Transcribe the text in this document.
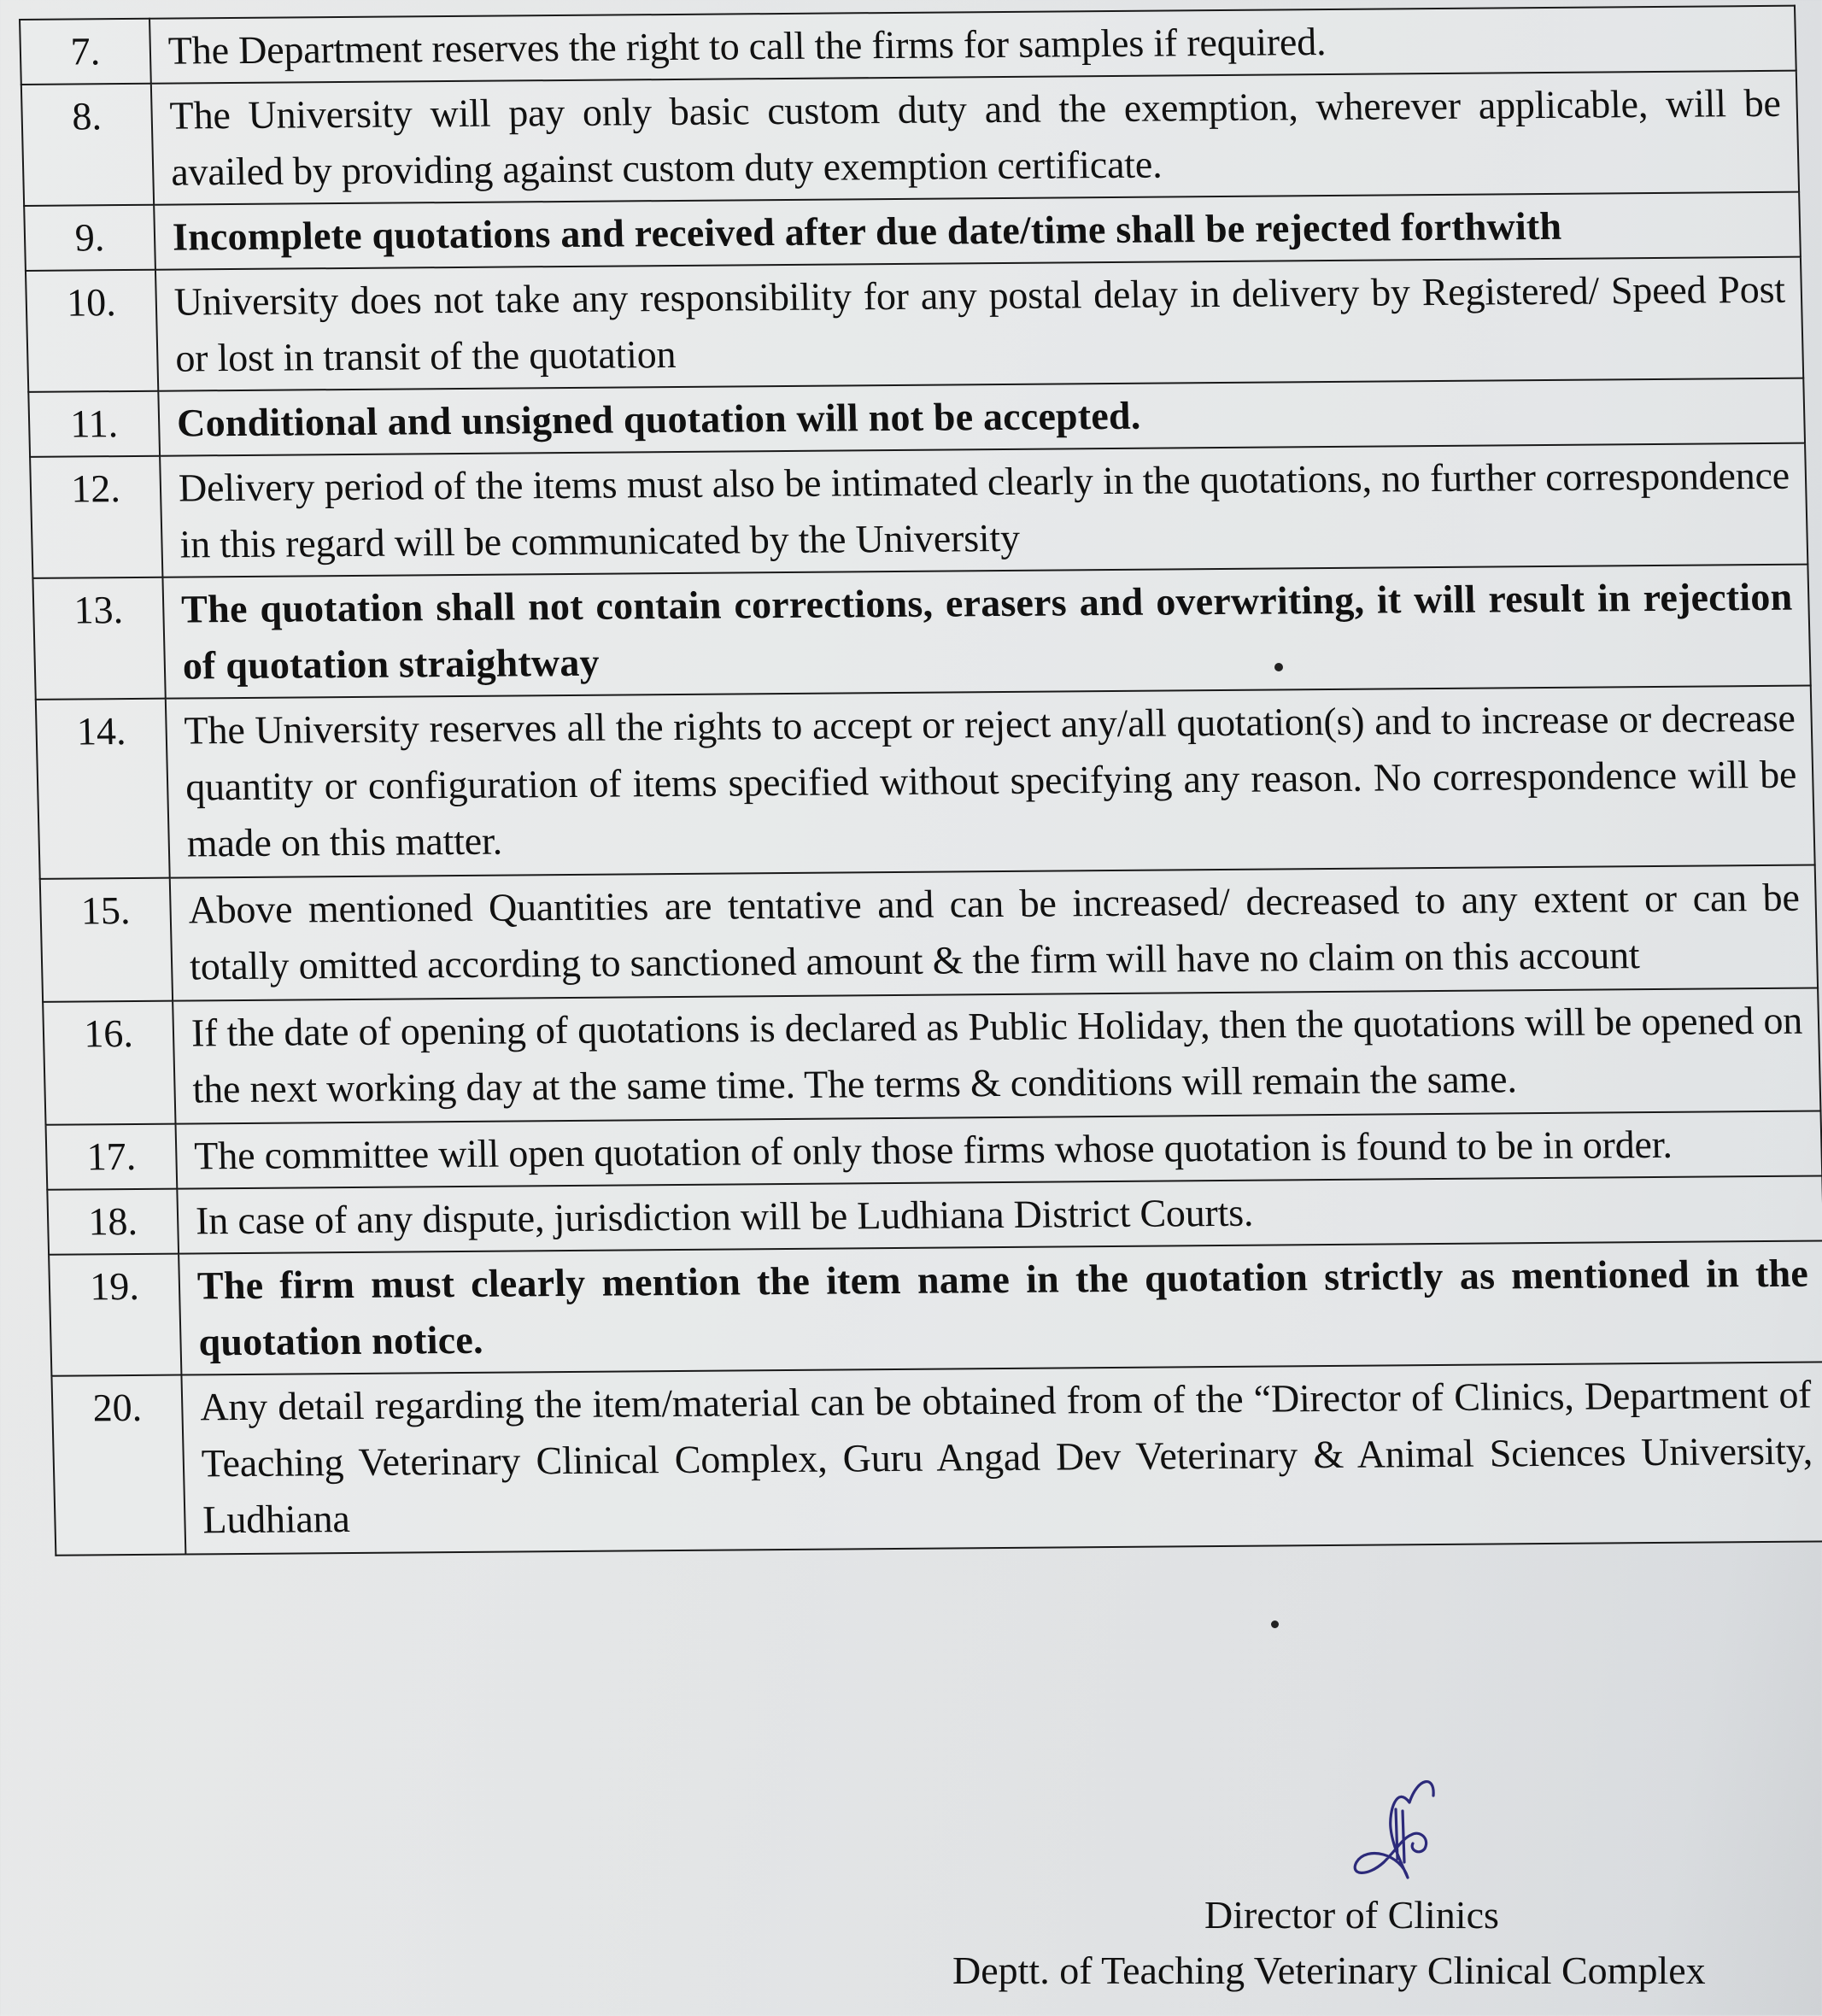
7.	The Department reserves the right to call the firms for samples if required.
8.	The University will pay only basic custom duty and the exemption, wherever applicable, will be availed by providing against custom duty exemption certificate.
9.	Incomplete quotations and received after due date/time shall be rejected forthwith
10.	University does not take any responsibility for any postal delay in delivery by Registered/ Speed Post or lost in transit of the quotation
11.	Conditional and unsigned quotation will not be accepted.
12.	Delivery period of the items must also be intimated clearly in the quotations, no further correspondence in this regard will be communicated by the University
13.	The quotation shall not contain corrections, erasers and overwriting, it will result in rejection of quotation straightway
14.	The University reserves all the rights to accept or reject any/all quotation(s) and to increase or decrease quantity or configuration of items specified without specifying any reason. No correspondence will be made on this matter.
15.	Above mentioned Quantities are tentative and can be increased/ decreased to any extent or can be totally omitted according to sanctioned amount & the firm will have no claim on this account
16.	If the date of opening of quotations is declared as Public Holiday, then the quotations will be opened on the next working day at the same time. The terms & conditions will remain the same.
17.	The committee will open quotation of only those firms whose quotation is found to be in order.
18.	In case of any dispute, jurisdiction will be Ludhiana District Courts.
19.	The firm must clearly mention the item name in the quotation strictly as mentioned in the quotation notice.
20.	Any detail regarding the item/material can be obtained from of the “Director of Clinics, Department of Teaching Veterinary Clinical Complex, Guru Angad Dev Veterinary & Animal Sciences University, Ludhiana
Director of Clinics
Deptt. of Teaching Veterinary Clinical Complex
